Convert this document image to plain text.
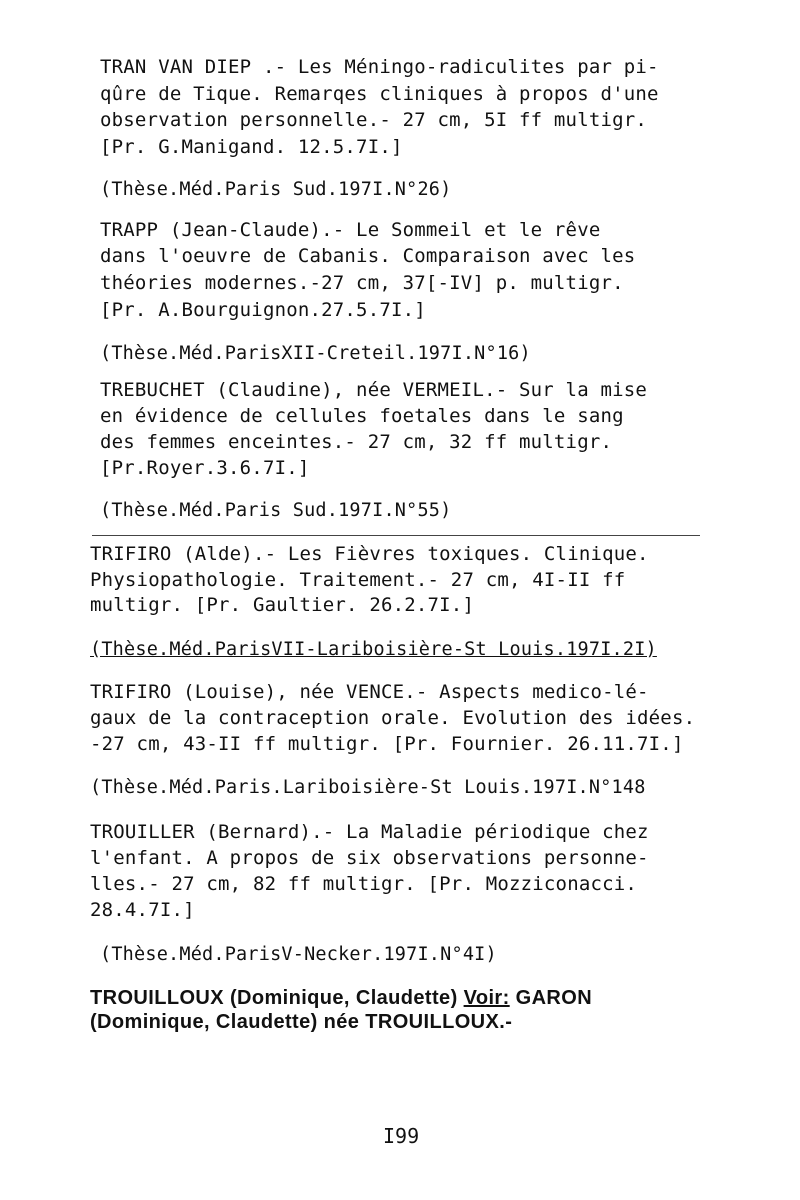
TRAN VAN DIEP .- Les Méningo-radiculites par pi-
qûre de Tique. Remarqes cliniques à propos d'une
observation personnelle.- 27 cm, 5I ff multigr.
[Pr. G.Manigand. 12.5.7I.]
(Thèse.Méd.Paris Sud.197I.N°26)
TRAPP (Jean-Claude).- Le Sommeil et le rêve
dans l'oeuvre de Cabanis. Comparaison avec les
théories modernes.-27 cm, 37[-IV] p. multigr.
[Pr. A.Bourguignon.27.5.7I.]
(Thèse.Méd.ParisXII-Creteil.197I.N°16)
TREBUCHET (Claudine), née VERMEIL.- Sur la mise
en évidence de cellules foetales dans le sang
des femmes enceintes.- 27 cm, 32 ff multigr.
[Pr.Royer.3.6.7I.]
(Thèse.Méd.Paris Sud.197I.N°55)
TRIFIRO (Alde).- Les Fièvres toxiques. Clinique.
Physiopathologie. Traitement.- 27 cm, 4I-II ff
multigr. [Pr. Gaultier. 26.2.7I.]
(Thèse.Méd.ParisVII-Lariboisière-St Louis.197I.2I)
TRIFIRO (Louise), née VENCE.- Aspects medico-lé-
gaux de la contraception orale. Evolution des idées.
-27 cm, 43-II ff multigr. [Pr. Fournier. 26.11.7I.]
(Thèse.Méd.Paris.Lariboisière-St Louis.197I.N°148
TROUILLER (Bernard).- La Maladie périodique chez
l'enfant. A propos de six observations personne-
lles.- 27 cm, 82 ff multigr. [Pr. Mozziconacci.
28.4.7I.]
(Thèse.Méd.ParisV-Necker.197I.N°4I)
TROUILLOUX (Dominique, Claudette) Voir: GARON
(Dominique, Claudette) née TROUILLOUX.-
I99
